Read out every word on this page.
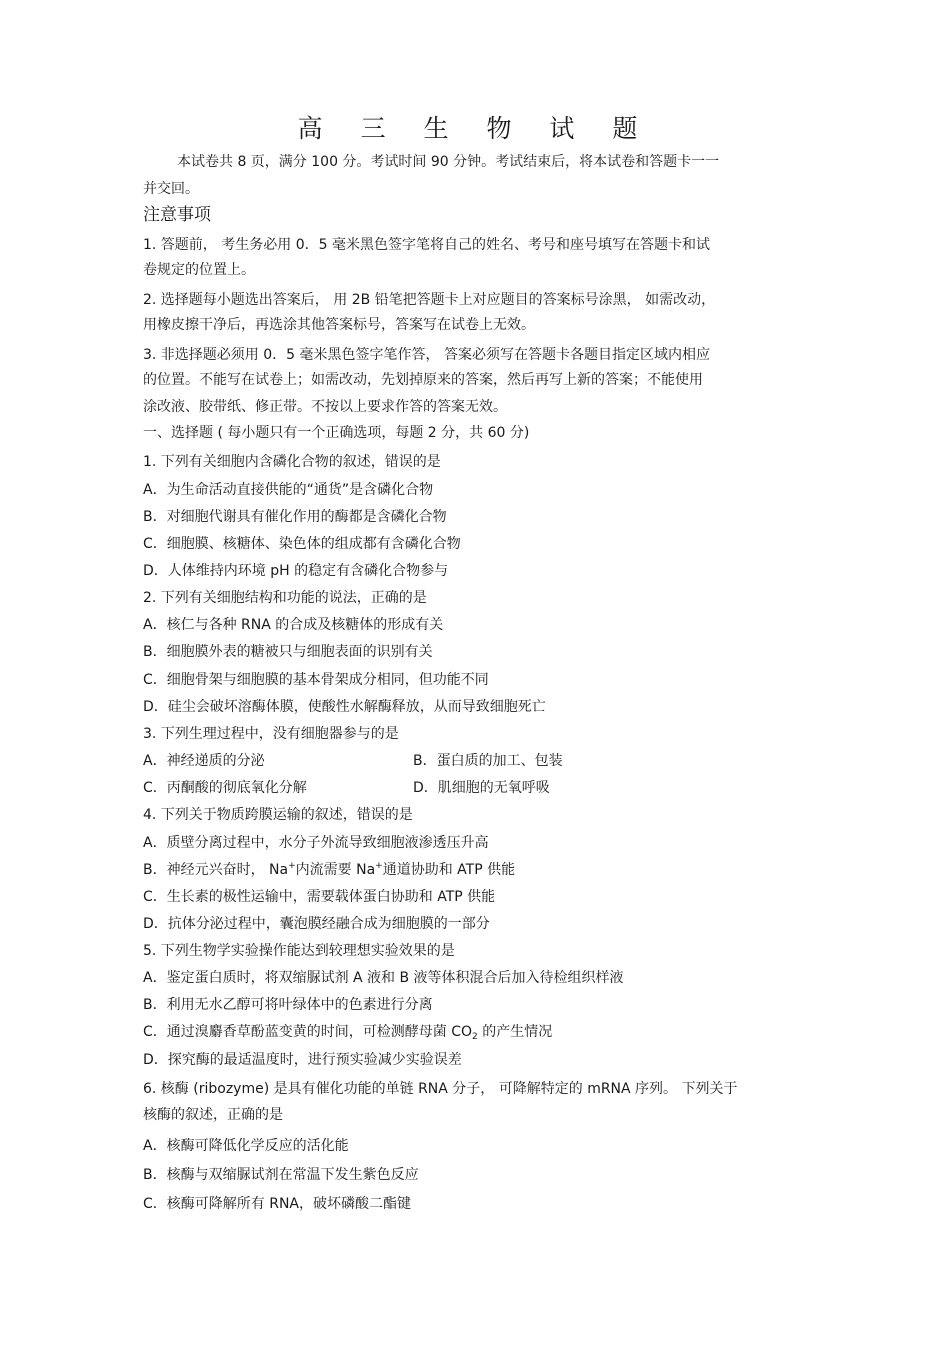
高 三 生 物 试 题
本试卷共 8 页，满分 100 分。考试时间 90 分钟。考试结束后，将本试卷和答题卡一一
并交回。
注意事项
1. 答题前， 考生务必用 0．5 毫米黑色签字笔将自己的姓名、考号和座号填写在答题卡和试
卷规定的位置上。
2. 选择题每小题选出答案后， 用 2B 铅笔把答题卡上对应题目的答案标号涂黑， 如需改动，
用橡皮擦干净后，再选涂其他答案标号，答案写在试卷上无效。
3. 非选择题必须用 0．5 毫米黑色签字笔作答， 答案必须写在答题卡各题目指定区域内相应
的位置。不能写在试卷上；如需改动，先划掉原来的答案，然后再写上新的答案；不能使用
涂改液、胶带纸、修正带。不按以上要求作答的答案无效。
一、选择题 ( 每小题只有一个正确选项，每题 2 分，共 60 分)
1. 下列有关细胞内含磷化合物的叙述，错误的是
A．为生命活动直接供能的“通货”是含磷化合物
B．对细胞代谢具有催化作用的酶都是含磷化合物
C．细胞膜、核糖体、染色体的组成都有含磷化合物
D．人体维持内环境 pH 的稳定有含磷化合物参与
2. 下列有关细胞结构和功能的说法，正确的是
A．核仁与各种 RNA 的合成及核糖体的形成有关
B．细胞膜外表的糖被只与细胞表面的识别有关
C．细胞骨架与细胞膜的基本骨架成分相同，但功能不同
D．硅尘会破坏溶酶体膜，使酸性水解酶释放，从而导致细胞死亡
3. 下列生理过程中，没有细胞器参与的是
A．神经递质的分泌	B．蛋白质的加工、包装
C．丙酮酸的彻底氧化分解	D．肌细胞的无氧呼吸
4. 下列关于物质跨膜运输的叙述，错误的是
A．质壁分离过程中，水分子外流导致细胞液渗透压升高
B．神经元兴奋时， Na+内流需要 Na+通道协助和 ATP 供能
C．生长素的极性运输中，需要载体蛋白协助和 ATP 供能
D．抗体分泌过程中，囊泡膜经融合成为细胞膜的一部分
5. 下列生物学实验操作能达到较理想实验效果的是
A．鉴定蛋白质时，将双缩脲试剂 A 液和 B 液等体积混合后加入待检组织样液
B．利用无水乙醇可将叶绿体中的色素进行分离
C．通过溴麝香草酚蓝变黄的时间，可检测酵母菌 $CO_2$ 的产生情况
D．探究酶的最适温度时，进行预实验减少实验误差
6. 核酶 (ribozyme) 是具有催化功能的单链 RNA 分子， 可降解特定的 mRNA 序列。 下列关于
核酶的叙述，正确的是
A．核酶可降低化学反应的活化能
B．核酶与双缩脲试剂在常温下发生紫色反应
C．核酶可降解所有 RNA，破坏磷酸二酯键
